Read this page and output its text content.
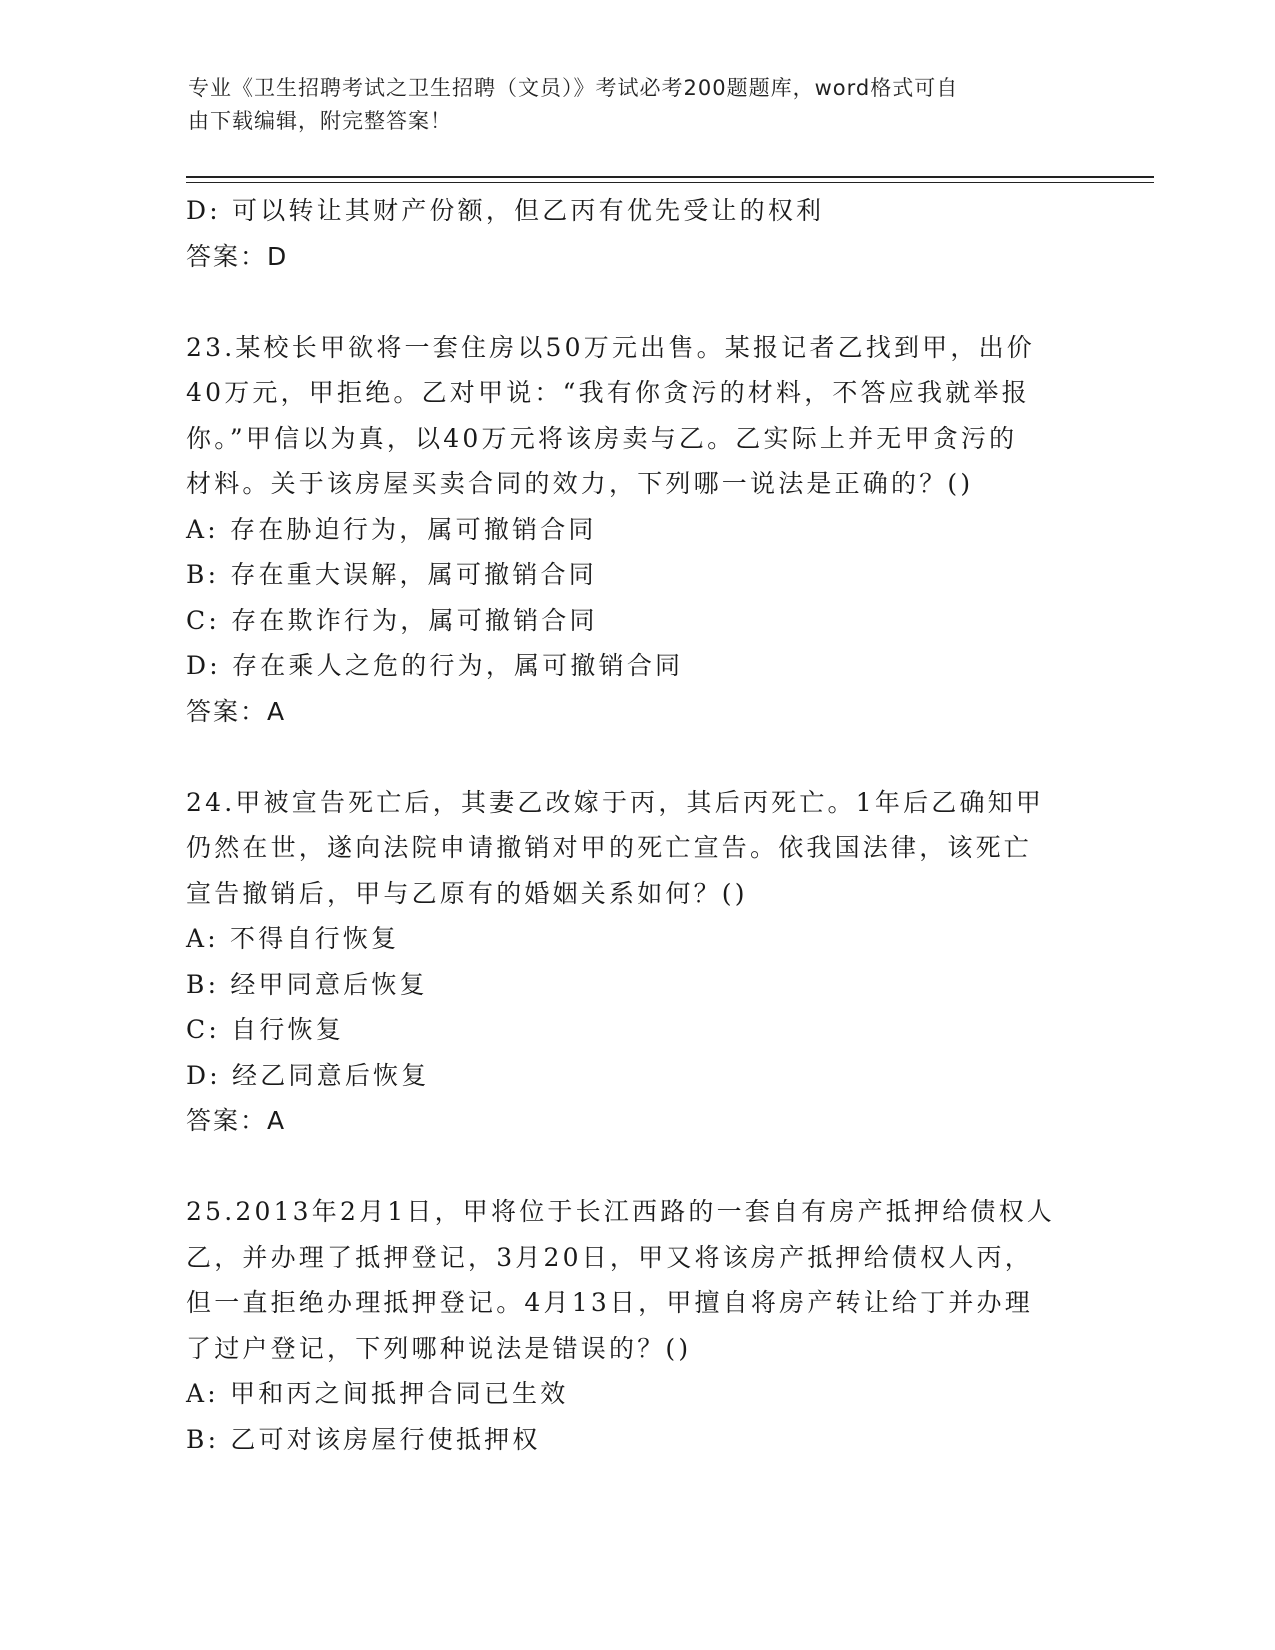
专业《卫生招聘考试之卫生招聘（文员）》考试必考200题题库，word格式可自
由下载编辑，附完整答案！
D: 可以转让其财产份额，但乙丙有优先受让的权利
答案：D
23.某校长甲欲将一套住房以50万元出售。某报记者乙找到甲，出价
40万元，甲拒绝。乙对甲说：“我有你贪污的材料，不答应我就举报
你。”甲信以为真，以40万元将该房卖与乙。乙实际上并无甲贪污的
材料。关于该房屋买卖合同的效力，下列哪一说法是正确的？()
A: 存在胁迫行为，属可撤销合同
B: 存在重大误解，属可撤销合同
C: 存在欺诈行为，属可撤销合同
D: 存在乘人之危的行为，属可撤销合同
答案：A
24.甲被宣告死亡后，其妻乙改嫁于丙，其后丙死亡。1年后乙确知甲
仍然在世，遂向法院申请撤销对甲的死亡宣告。依我国法律，该死亡
宣告撤销后，甲与乙原有的婚姻关系如何？()
A: 不得自行恢复
B: 经甲同意后恢复
C: 自行恢复
D: 经乙同意后恢复
答案：A
25.2013年2月1日，甲将位于长江西路的一套自有房产抵押给债权人
乙，并办理了抵押登记，3月20日，甲又将该房产抵押给债权人丙，
但一直拒绝办理抵押登记。4月13日，甲擅自将房产转让给丁并办理
了过户登记，下列哪种说法是错误的？()
A: 甲和丙之间抵押合同已生效
B: 乙可对该房屋行使抵押权
